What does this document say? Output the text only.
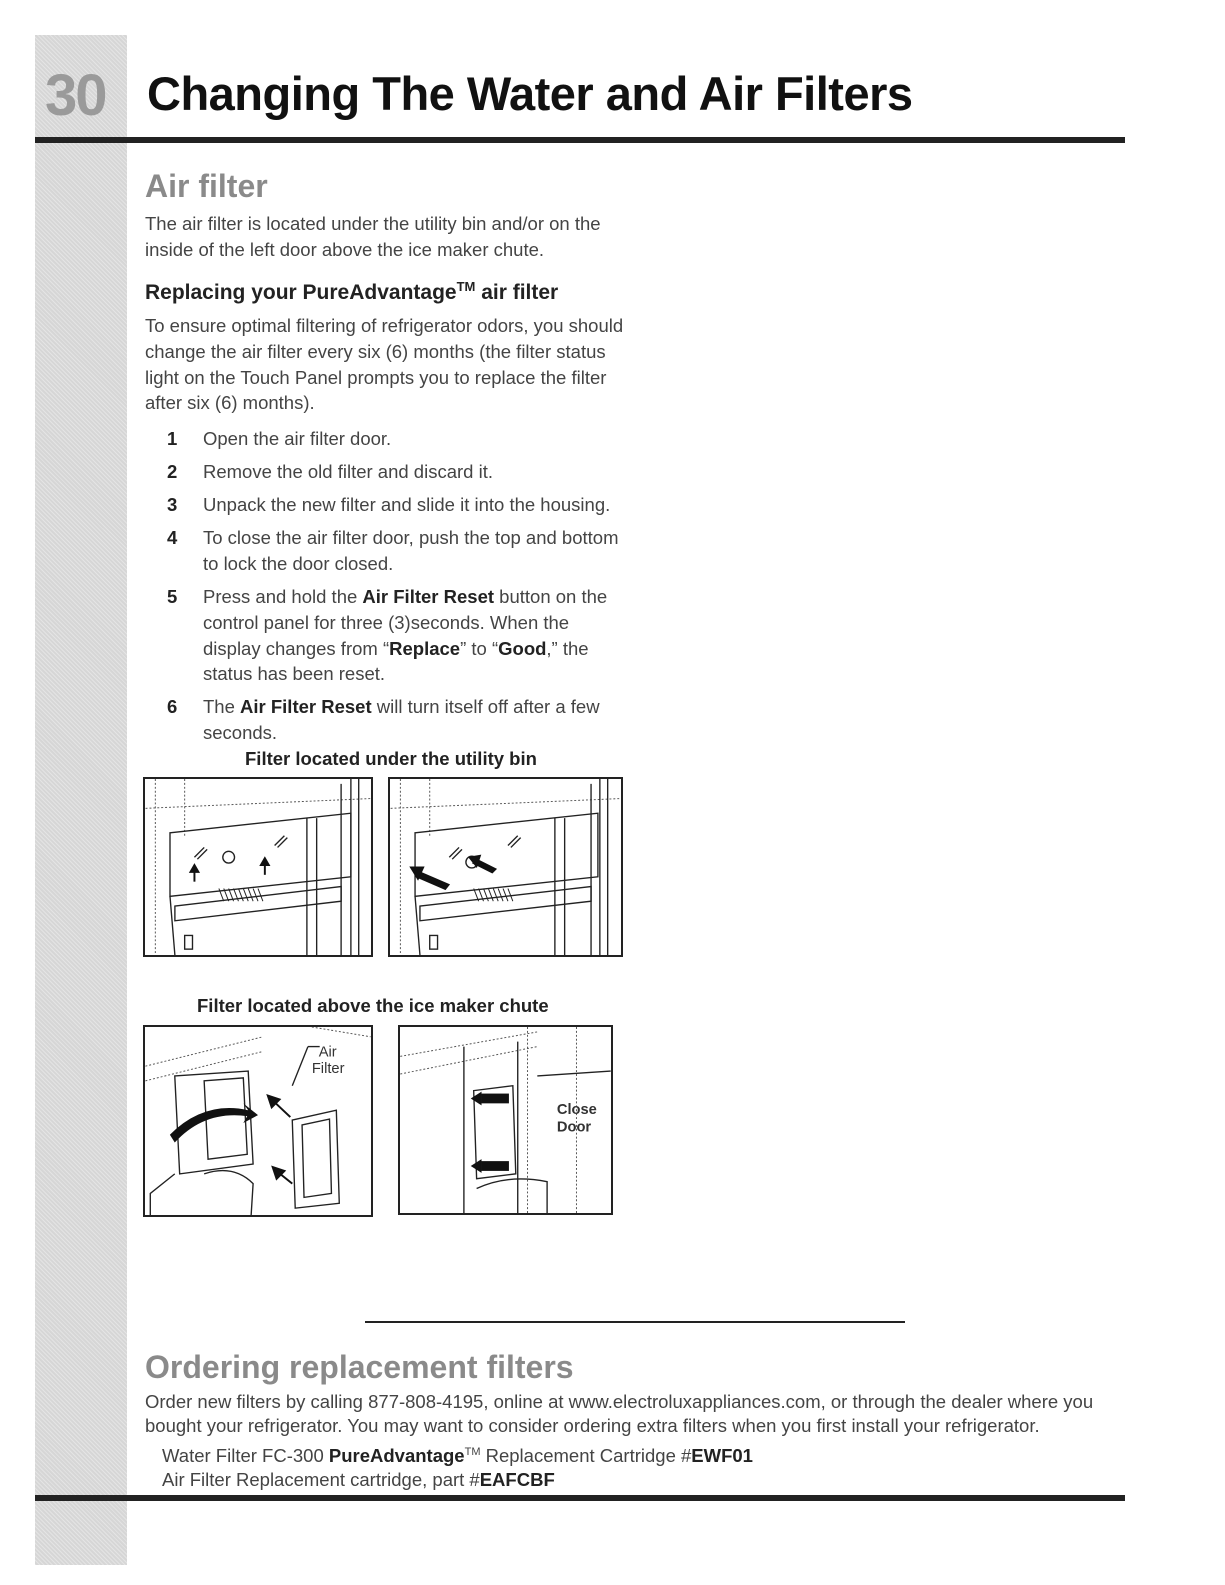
30 Changing The Water and Air Filters
Air filter

The air filter is located under the utility bin and/or on the inside of the left door above the ice maker chute.

Replacing your PureAdvantage™ air filter

To ensure optimal filtering of refrigerator odors, you should change the air filter every six (6) months (the filter status light on the Touch Panel prompts you to replace the filter after six (6) months).

1	Open the air filter door.
2	Remove the old filter and discard it.
3	Unpack the new filter and slide it into the housing.
4	To close the air filter door, push the top and bottom to lock the door closed.
5	Press and hold the Air Filter Reset button on the control panel for three (3)seconds. When the display changes from “Replace” to “Good,” the status has been reset.
6	The Air Filter Reset will turn itself off after a few seconds.
Filter located under the utility bin
Filter located above the ice maker chute
Air
Filter
Close
Door
Ordering replacement filters

Order new filters by calling 877-808-4195, online at www.electroluxappliances.com, or through the dealer where you bought your refrigerator. You may want to consider ordering extra filters when you first install your refrigerator.

Water Filter FC-300 PureAdvantage™ Replacement Cartridge #EWF01
Air Filter Replacement cartridge, part #EAFCBF
